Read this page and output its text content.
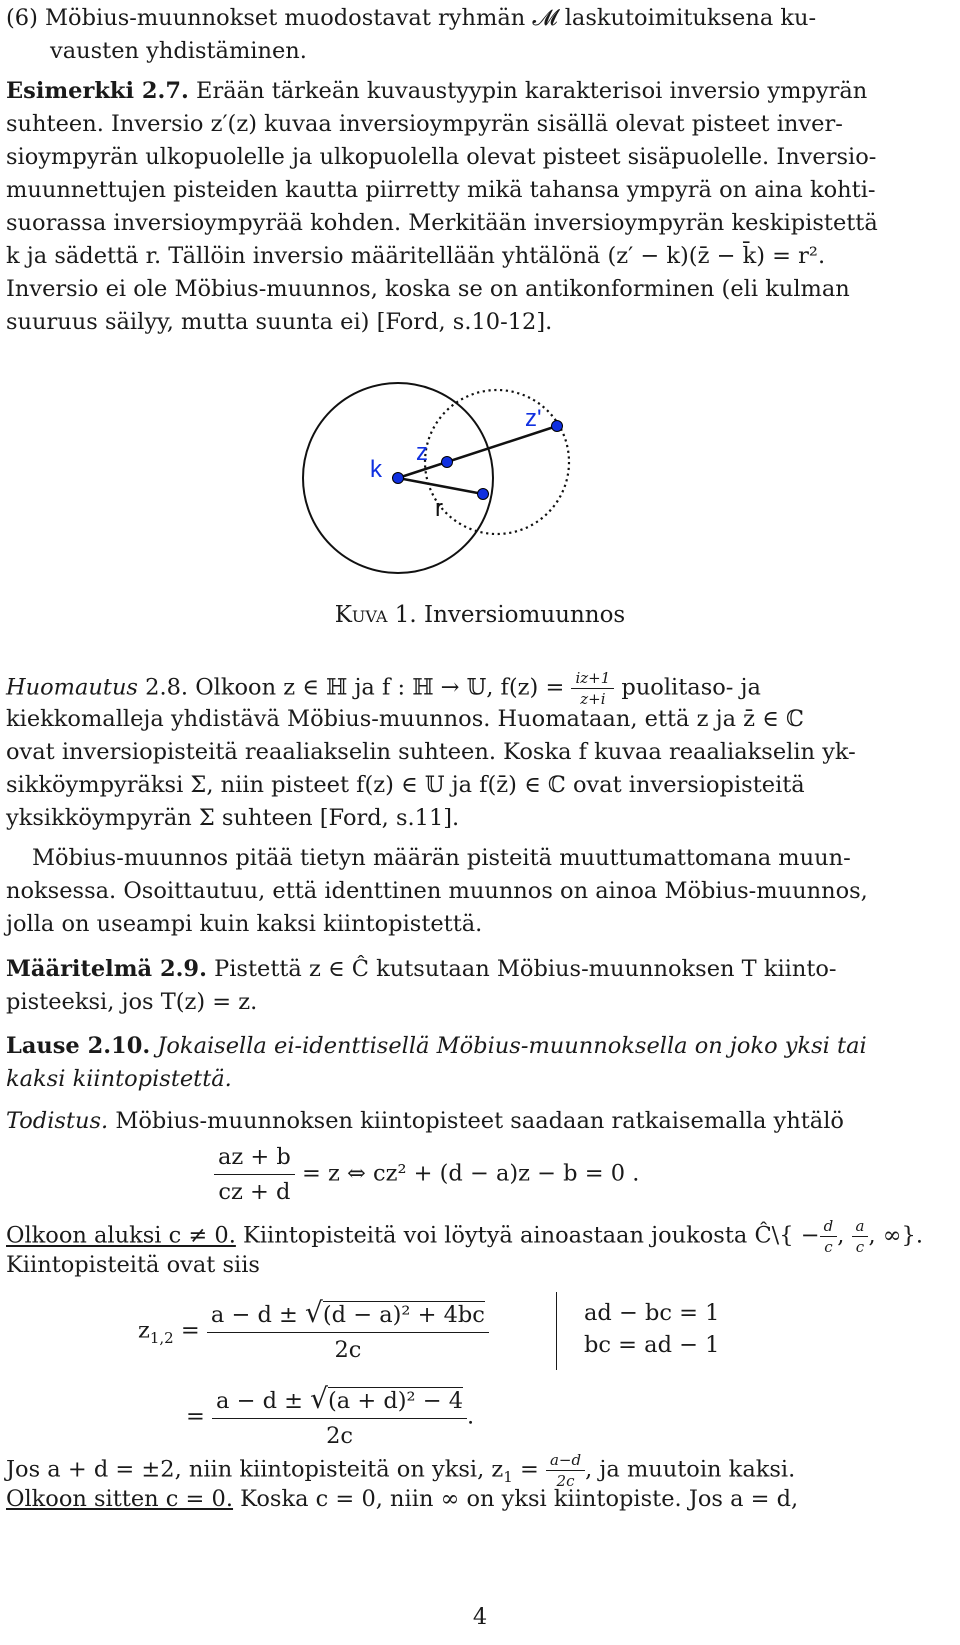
(6) Möbius-muunnokset muodostavat ryhmän 𝓜 laskutoimituksena ku-
vausten yhdistäminen.

Esimerkki 2.7. Erään tärkeän kuvaustyypin karakterisoi inversio ympyrän
suhteen. Inversio z′(z) kuvaa inversioympyrän sisällä olevat pisteet inver-
sioympyrän ulkopuolelle ja ulkopuolella olevat pisteet sisäpuolelle. Inversio-
muunnettujen pisteiden kautta piirretty mikä tahansa ympyrä on aina kohti-
suorassa inversioympyrää kohden. Merkitään inversioympyrän keskipistettä
k ja sädettä r. Tällöin inversio määritellään yhtälönä (z′ − k)(z̄ − k̄) = r².
Inversio ei ole Möbius-muunnos, koska se on antikonforminen (eli kulman
suuruus säilyy, mutta suunta ei) [Ford, s.10-12].

k
z
z'
r
Kuva 1. Inversiomuunnos
Huomautus 2.8. Olkoon z ∈ ℍ ja f : ℍ → 𝕌, $f(z) = \frac{iz+1}{z+i}$ puolitaso- ja

kiekkomalleja yhdistävä Möbius-muunnos. Huomataan, että z ja z̄ ∈ ℂ
ovat inversiopisteitä reaaliakselin suhteen. Koska f kuvaa reaaliakselin yk-
sikköympyräksi Σ, niin pisteet f(z) ∈ 𝕌 ja f(z̄) ∈ ℂ ovat inversiopisteitä
yksikköympyrän Σ suhteen [Ford, s.11].

Möbius-muunnos pitää tietyn määrän pisteitä muuttumattomana muun-
noksessa. Osoittautuu, että identtinen muunnos on ainoa Möbius-muunnos,
jolla on useampi kuin kaksi kiintopistettä.

Määritelmä 2.9. Pistettä z ∈ Ĉ kutsutaan Möbius-muunnoksen T kiinto-
pisteeksi, jos T(z) = z.

Lause 2.10. Jokaisella ei-identtisellä Möbius-muunnoksella on joko yksi tai
kaksi kiintopistettä.

Todistus. Möbius-muunnoksen kiintopisteet saadaan ratkaisemalla yhtälö
$\frac{az + b}{cz + d} = z$ ⇔ cz² + (d − a)z − b = 0 .
Olkoon aluksi c ≠ 0. Kiintopisteitä voi löytyä ainoastaan joukosta Ĉ\{ − $\frac{d}{c}$ , $\frac{a}{c}$ , ∞}.
Kiintopisteitä ovat siis
$z_{1,2} = \frac{\text{a − d ± √(d − a)² + 4bc}}{2c}$	ad − bc = 1
bc = ad − 1
= $\frac{\text{a − d ± √(a + d)² − 4}}{2c}$ .
Jos a + d = ±2, niin kiintopisteitä on yksi, $z_1 = \frac{a-d}{2c}$ , ja muutoin kaksi.
Olkoon sitten c = 0. Koska c = 0, niin ∞ on yksi kiintopiste. Jos a = d,
4
